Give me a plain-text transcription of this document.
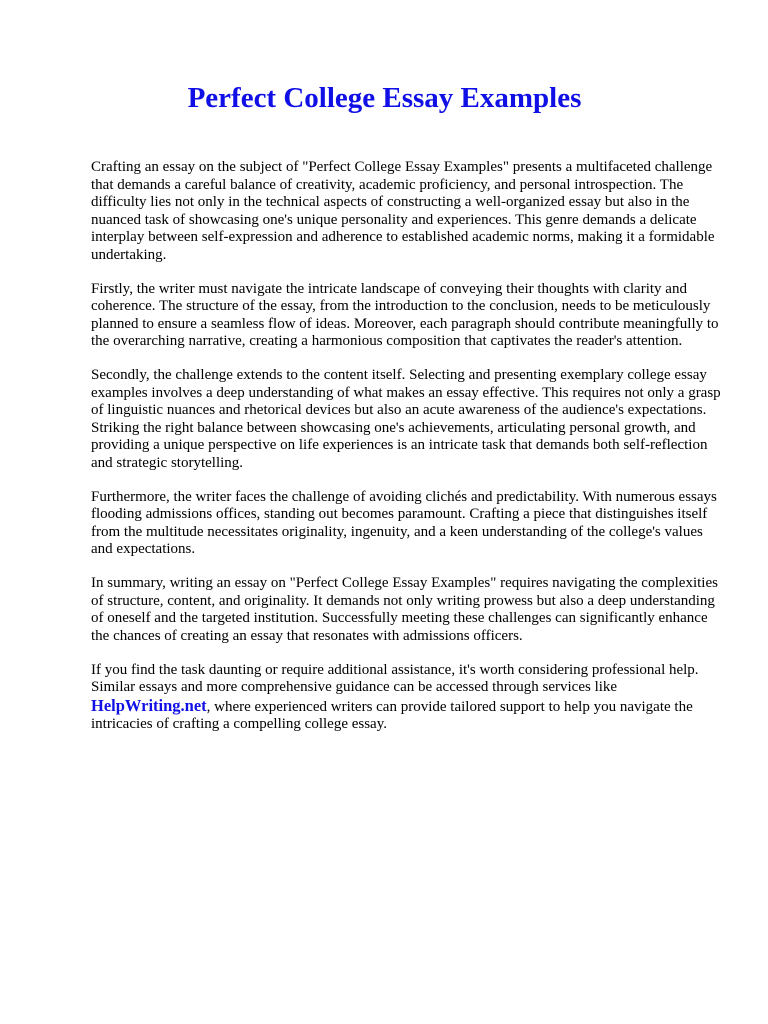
Perfect College Essay Examples

Crafting an essay on the subject of "Perfect College Essay Examples" presents a multifaceted challenge that demands a careful balance of creativity, academic proficiency, and personal introspection. The difficulty lies not only in the technical aspects of constructing a well-organized essay but also in the nuanced task of showcasing one's unique personality and experiences. This genre demands a delicate interplay between self-expression and adherence to established academic norms, making it a formidable undertaking.

Firstly, the writer must navigate the intricate landscape of conveying their thoughts with clarity and coherence. The structure of the essay, from the introduction to the conclusion, needs to be meticulously planned to ensure a seamless flow of ideas. Moreover, each paragraph should contribute meaningfully to the overarching narrative, creating a harmonious composition that captivates the reader's attention.

Secondly, the challenge extends to the content itself. Selecting and presenting exemplary college essay examples involves a deep understanding of what makes an essay effective. This requires not only a grasp of linguistic nuances and rhetorical devices but also an acute awareness of the audience's expectations. Striking the right balance between showcasing one's achievements, articulating personal growth, and providing a unique perspective on life experiences is an intricate task that demands both self-reflection and strategic storytelling.

Furthermore, the writer faces the challenge of avoiding clichés and predictability. With numerous essays flooding admissions offices, standing out becomes paramount. Crafting a piece that distinguishes itself from the multitude necessitates originality, ingenuity, and a keen understanding of the college's values and expectations.

In summary, writing an essay on "Perfect College Essay Examples" requires navigating the complexities of structure, content, and originality. It demands not only writing prowess but also a deep understanding of oneself and the targeted institution. Successfully meeting these challenges can significantly enhance the chances of creating an essay that resonates with admissions officers.

If you find the task daunting or require additional assistance, it's worth considering professional help. Similar essays and more comprehensive guidance can be accessed through services like HelpWriting.net, where experienced writers can provide tailored support to help you navigate the intricacies of crafting a compelling college essay.
